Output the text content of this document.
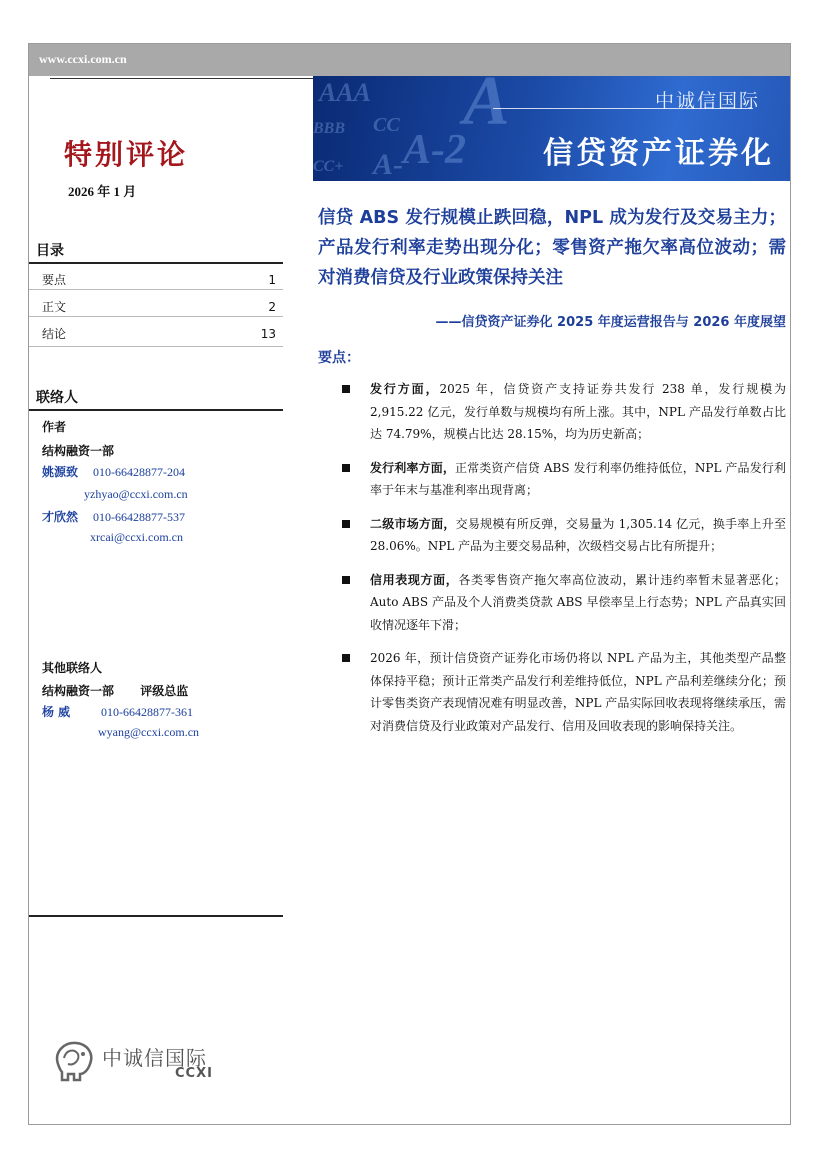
www.ccxi.com.cn
AAA A
BBB A-2
CC
A-
CC+
中诚信国际
信贷资产证券化
特别评论
2026 年 1 月
目录
要点	1
正文	2
结论	13
联络人
作者
结构融资一部
姚源致 010-66428877-204
yzhyao@ccxi.com.cn
才欣然 010-66428877-537
xrcai@ccxi.com.cn
其他联络人
结构融资一部 评级总监
杨 威	010-66428877-361
wyang@ccxi.com.cn
中诚信国际
CCXI
信贷 ABS 发行规模止跌回稳，NPL 成为发行及交易主力；产品发行利率走势出现分化；零售资产拖欠率高位波动；需对消费信贷及行业政策保持关注
——信贷资产证券化 2025 年度运营报告与 2026 年度展望
要点：
发行方面，2025 年，信贷资产支持证券共发行 238 单，发行规模为 2,915.22 亿元，发行单数与规模均有所上涨。其中，NPL 产品发行单数占比达 74.79%，规模占比达 28.15%，均为历史新高；
发行利率方面，正常类资产信贷 ABS 发行利率仍维持低位，NPL 产品发行利率于年末与基准利率出现背离；
二级市场方面，交易规模有所反弹，交易量为 1,305.14 亿元，换手率上升至 28.06%。NPL 产品为主要交易品种，次级档交易占比有所提升；
信用表现方面，各类零售资产拖欠率高位波动，累计违约率暂未显著恶化；Auto ABS 产品及个人消费类贷款 ABS 早偿率呈上行态势；NPL 产品真实回收情况逐年下滑；
2026 年，预计信贷资产证券化市场仍将以 NPL 产品为主，其他类型产品整体保持平稳；预计正常类产品发行利差维持低位，NPL 产品利差继续分化；预计零售类资产表现情况难有明显改善，NPL 产品实际回收表现将继续承压，需对消费信贷及行业政策对产品发行、信用及回收表现的影响保持关注。
